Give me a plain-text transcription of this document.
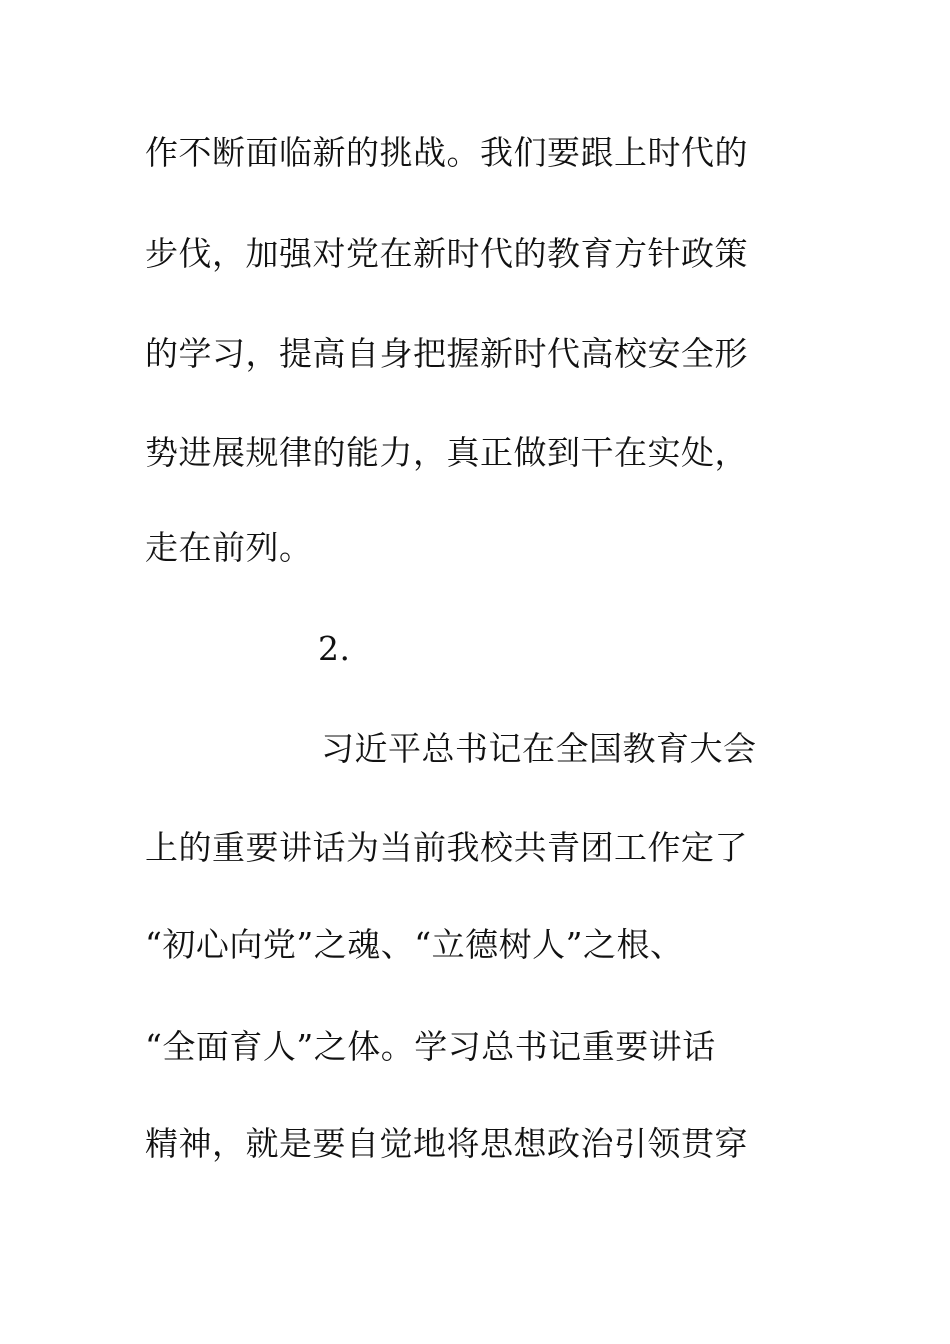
作不断面临新的挑战。我们要跟上时代的
步伐，加强对党在新时代的教育方针政策
的学习，提高自身把握新时代高校安全形
势进展规律的能力，真正做到干在实处，
走在前列。
2.
习近平总书记在全国教育大会
上的重要讲话为当前我校共青团工作定了
“初心向党”之魂、“立德树人”之根、
“全面育人”之体。学习总书记重要讲话
精神，就是要自觉地将思想政治引领贯穿
